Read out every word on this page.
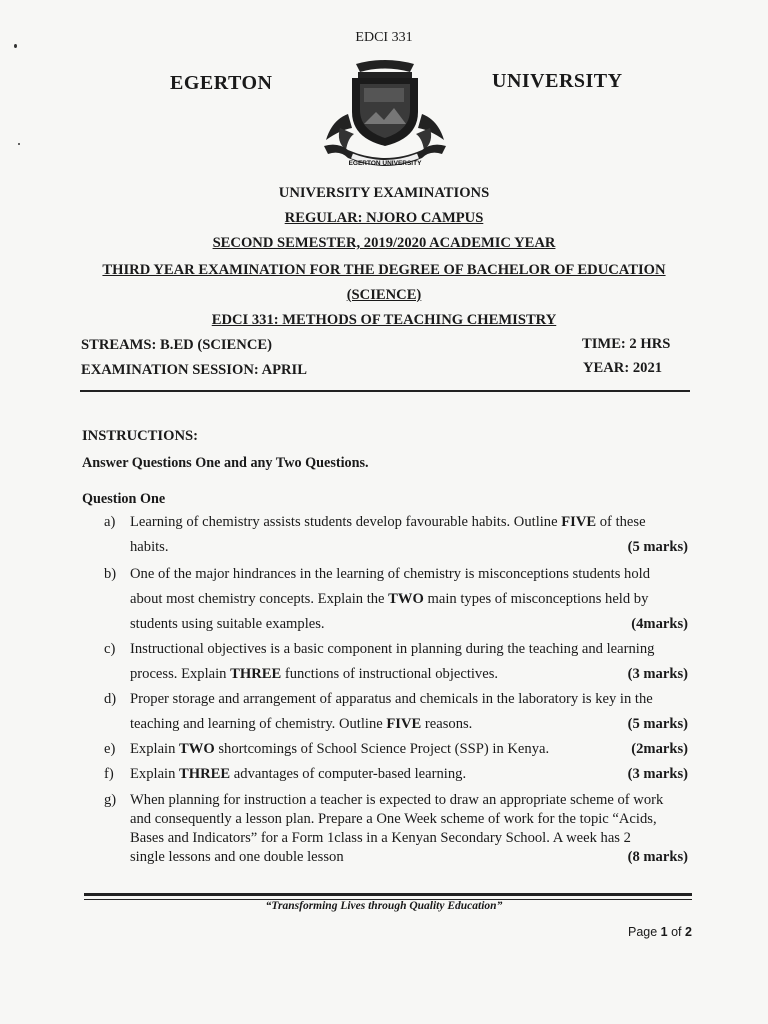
EDCI 331
EGERTON	UNIVERSITY
EGERTON UNIVERSITY
UNIVERSITY EXAMINATIONS
REGULAR: NJORO CAMPUS
SECOND SEMESTER, 2019/2020 ACADEMIC YEAR
THIRD YEAR EXAMINATION FOR THE DEGREE OF BACHELOR OF EDUCATION
(SCIENCE)
EDCI 331: METHODS OF TEACHING CHEMISTRY
STREAMS: B.ED (SCIENCE)	TIME: 2 HRS
EXAMINATION SESSION: APRIL	YEAR: 2021
INSTRUCTIONS:
Answer Questions One and any Two Questions.
Question One
a) Learning of chemistry assists students develop favourable habits. Outline FIVE of these
habits.	(5 marks)
b) One of the major hindrances in the learning of chemistry is misconceptions students hold
about most chemistry concepts. Explain the TWO main types of misconceptions held by
students using suitable examples.	(4marks)
c) Instructional objectives is a basic component in planning during the teaching and learning
process. Explain THREE functions of instructional objectives.	(3 marks)
d) Proper storage and arrangement of apparatus and chemicals in the laboratory is key in the
teaching and learning of chemistry. Outline FIVE reasons.	(5 marks)
e) Explain TWO shortcomings of School Science Project (SSP) in Kenya.	(2marks)
f) Explain THREE advantages of computer-based learning.	(3 marks)
g) When planning for instruction a teacher is expected to draw an appropriate scheme of work
and consequently a lesson plan. Prepare a One Week scheme of work for the topic “Acids,
Bases and Indicators” for a Form 1class in a Kenyan Secondary School. A week has 2
single lessons and one double lesson	(8 marks)
“Transforming Lives through Quality Education”
Page 1 of 2
